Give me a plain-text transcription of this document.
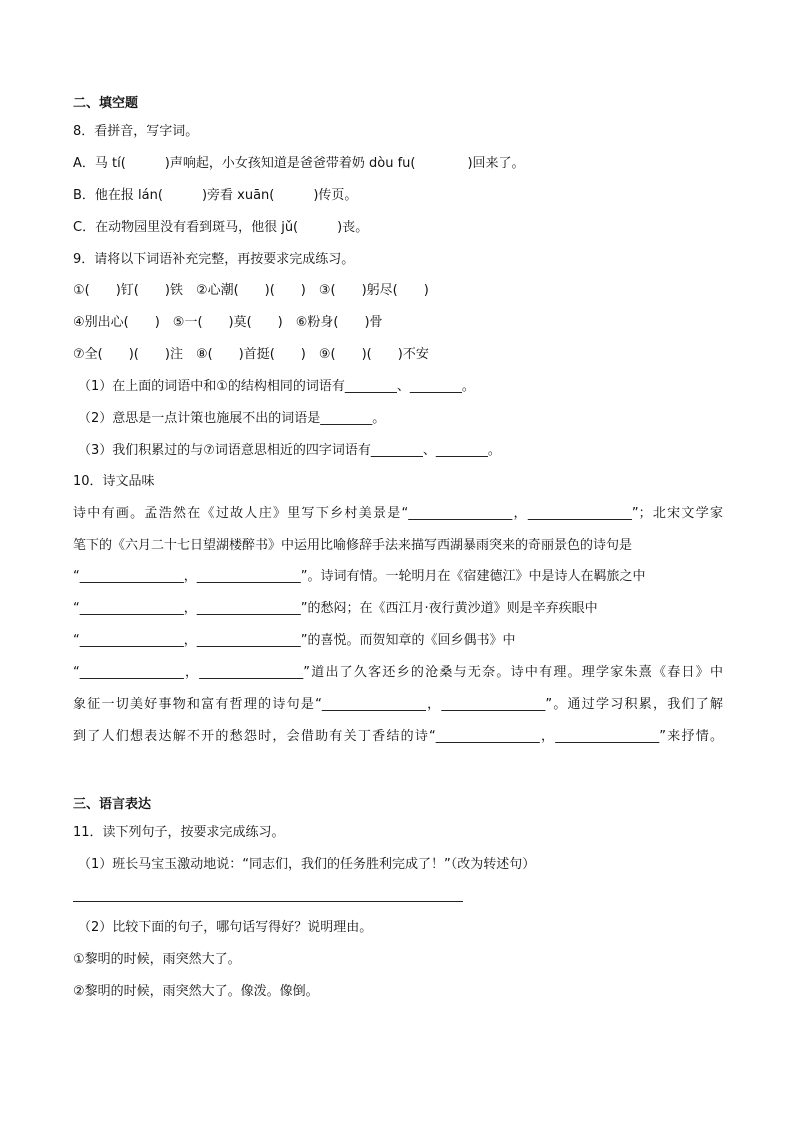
二、填空题
8．看拼音，写字词。
A．马 tí(　　　)声响起，小女孩知道是爸爸带着奶 dòu fu(　　　　)回来了。
B．他在报 lán(　　　)旁看 xuān(　　　)传页。
C．在动物园里没有看到斑马，他很 jǔ(　　　)丧。
9．请将以下词语补充完整，再按要求完成练习。
①(　　)钉(　　)铁　②心潮(　　)(　　)　③(　　)躬尽(　　)
④别出心(　　)　⑤一(　　)莫(　　)　⑥粉身(　　)骨
⑦全(　　)(　　)注　⑧(　　)首挺(　　)　⑨(　　)(　　)不安
（1）在上面的词语中和①的结构相同的词语有________、________。
（2）意思是一点计策也施展不出的词语是________。
（3）我们积累过的与⑦词语意思相近的四字词语有________、________。
10．诗文品味
诗中有画。孟浩然在《过故人庄》里写下乡村美景是“________________，________________”；北宋文学家
笔下的《六月二十七日望湖楼醉书》中运用比喻修辞手法来描写西湖暴雨突来的奇丽景色的诗句是
“________________，________________”。诗词有情。一轮明月在《宿建德江》中是诗人在羁旅之中
“________________，________________”的愁闷；在《西江月·夜行黄沙道》则是辛弃疾眼中
“________________，________________”的喜悦。而贺知章的《回乡偶书》中
“________________，________________”道出了久客还乡的沧桑与无奈。诗中有理。理学家朱熹《春日》中
象征一切美好事物和富有哲理的诗句是“________________，________________”。通过学习积累，我们了解
到了人们想表达解不开的愁怨时，会借助有关丁香结的诗“________________，________________”来抒情。
三、语言表达
11．读下列句子，按要求完成练习。
（1）班长马宝玉激动地说：“同志们，我们的任务胜利完成了！”（改为转述句）
（2）比较下面的句子，哪句话写得好？说明理由。
①黎明的时候，雨突然大了。
②黎明的时候，雨突然大了。像泼。像倒。
